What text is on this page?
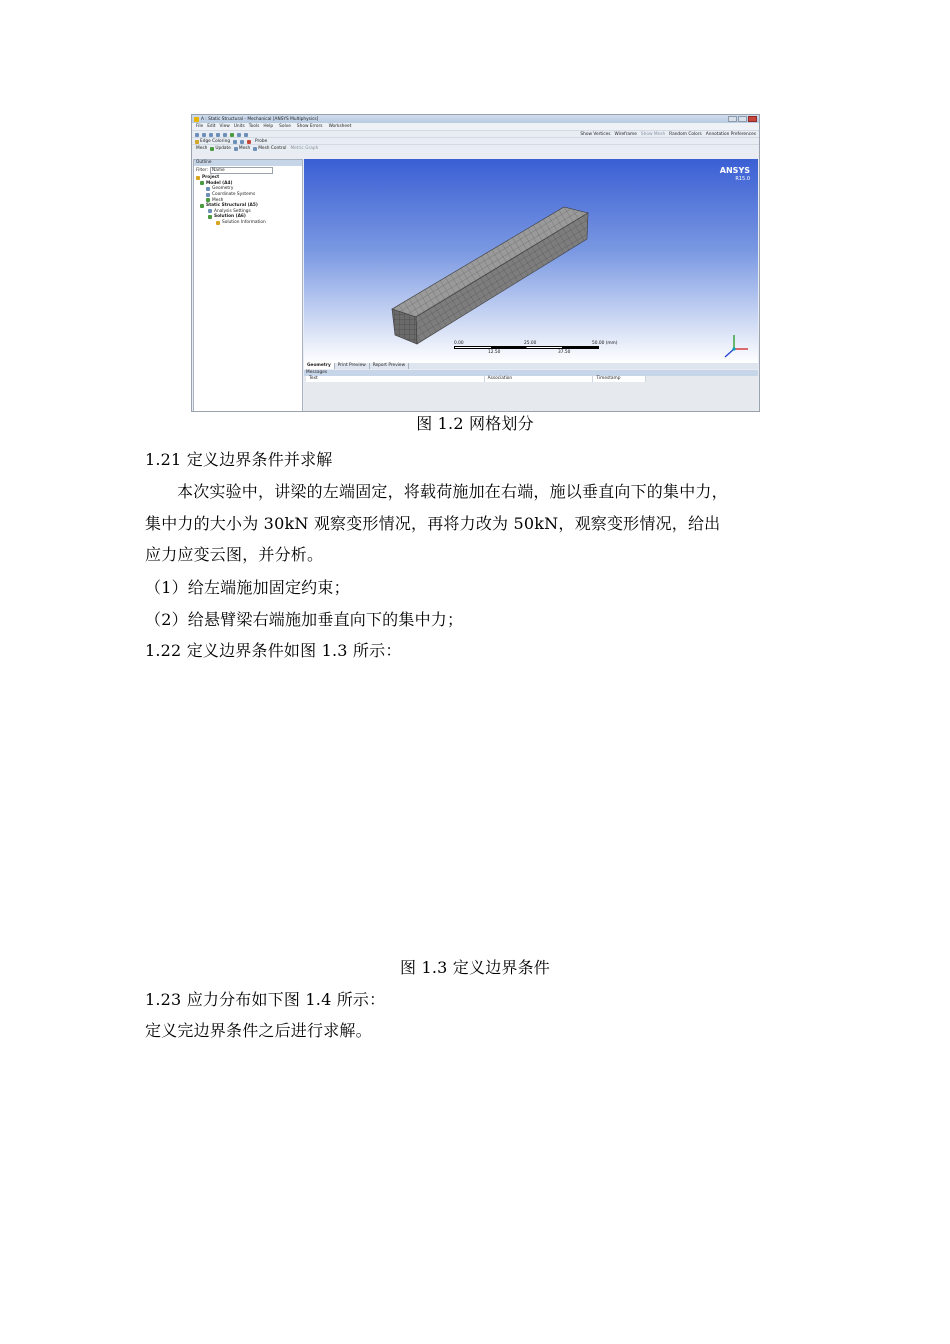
A : Static Structural - Mechanical [ANSYS Multiphysics]
File Edit View Units Tools Help Solve Show Errors Worksheet
Show Vertices Wireframe Show Mesh Random Colors Annotation Preferences
Edge Coloring	Probe
Mesh Update Mesh Mesh Control Metric Graph
Outline
Filter: Name
Project
Model (A4)
Geometry
Coordinate Systems
Mesh
Static Structural (A5)
Analysis Settings
Solution (A6)
Solution Information
ANSYS
R15.0
0.00	25.00	50.00 (mm)
12.50	37.50
Geometry	Print Preview	Report Preview
Messages
Text	Association	Timestamp
图 1.2 网格划分
1.21 定义边界条件并求解
本次实验中，讲梁的左端固定，将载荷施加在右端，施以垂直向下的集中力，
集中力的大小为 30kN 观察变形情况，再将力改为 50kN，观察变形情况，给出
应力应变云图，并分析。
（1）给左端施加固定约束；
（2）给悬臂梁右端施加垂直向下的集中力；
1.22 定义边界条件如图 1.3 所示：
图 1.3 定义边界条件
1.23 应力分布如下图 1.4 所示：
定义完边界条件之后进行求解。
